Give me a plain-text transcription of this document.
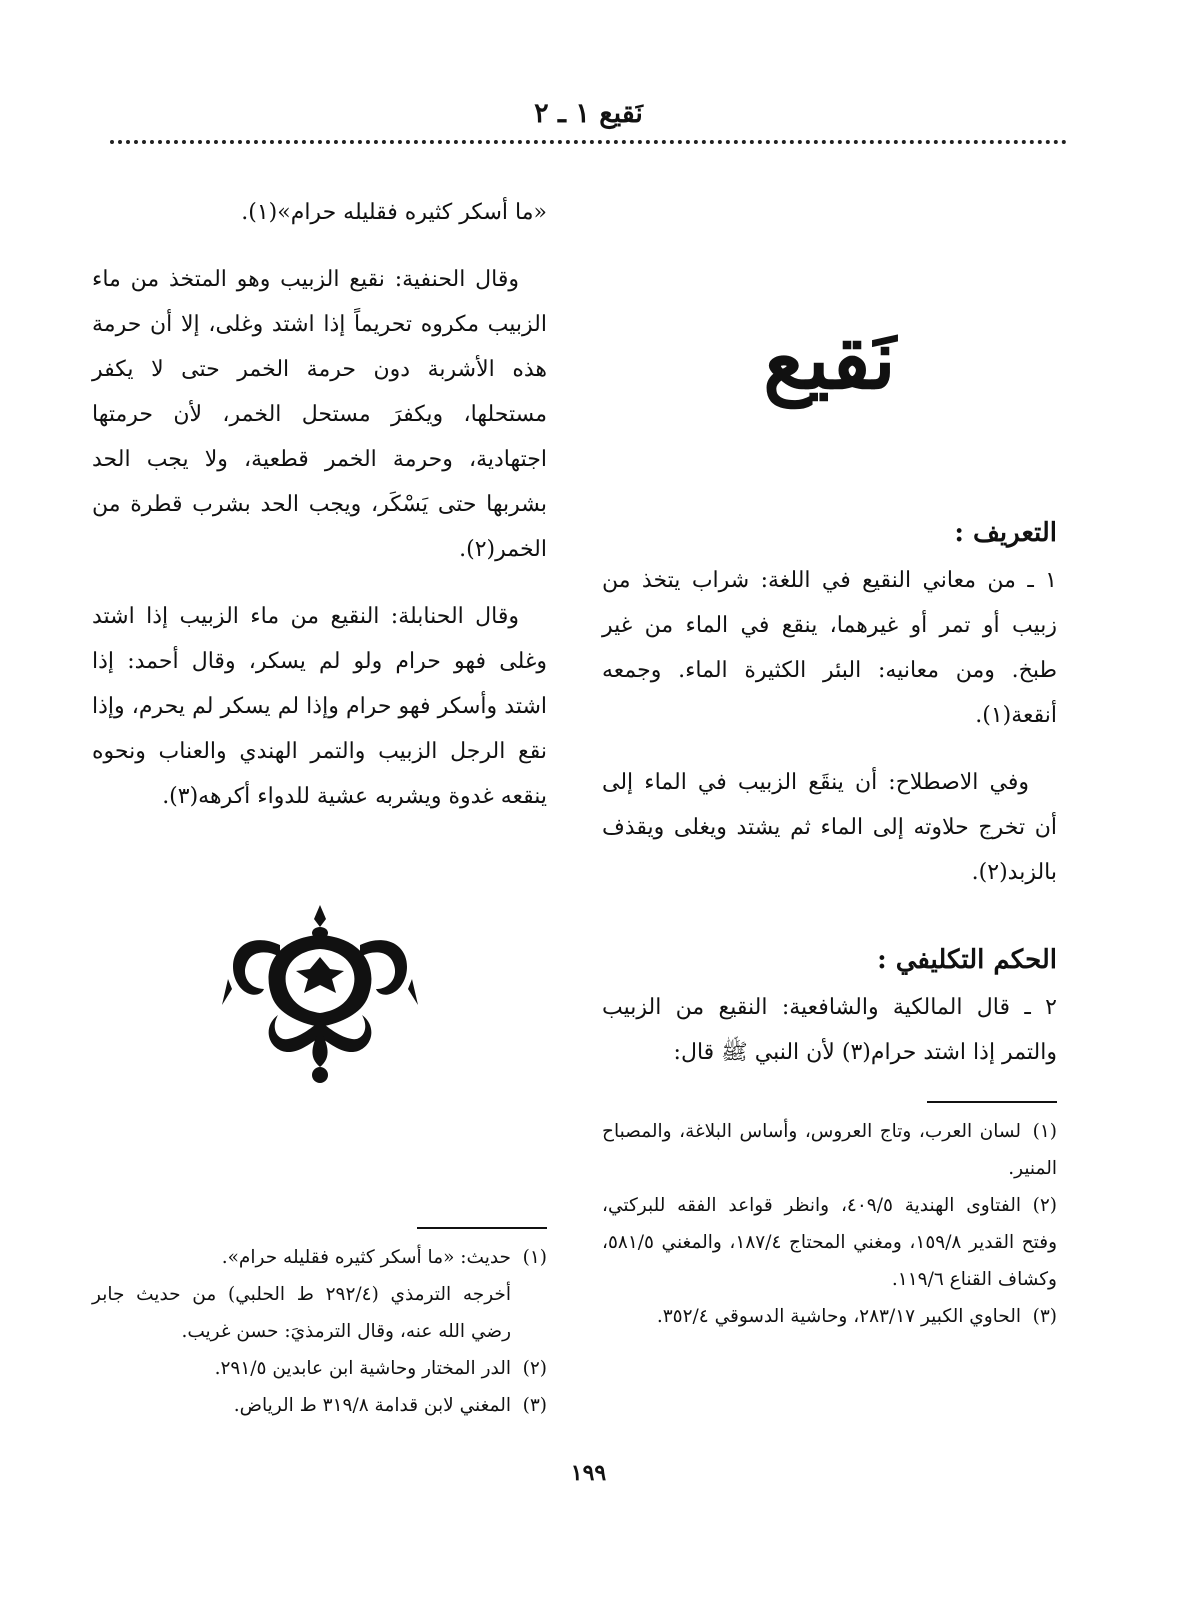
نَقيع ١ ـ ٢
نَقيع
التعريف :

١ ـ من معاني النقيع في اللغة: شراب يتخذ من زبيب أو تمر أو غيرهما، ينقع في الماء من غير طبخ. ومن معانيه: البئر الكثيرة الماء. وجمعه أنقعة(١).

وفي الاصطلاح: أن ينقَع الزبيب في الماء إلى أن تخرج حلاوته إلى الماء ثم يشتد ويغلى ويقذف بالزبد(٢).

الحكم التكليفي :

٢ ـ قال المالكية والشافعية: النقيع من الزبيب والتمر إذا اشتد حرام(٣) لأن النبي ﷺ قال:

(١)لسان العرب، وتاج العروس، وأساس البلاغة، والمصباح المنير.

(٢)الفتاوى الهندية ٤٠٩/٥، وانظر قواعد الفقه للبركتي، وفتح القدير ١٥٩/٨، ومغني المحتاج ١٨٧/٤، والمغني ٥٨١/٥، وكشاف القناع ١١٩/٦.

(٣)الحاوي الكبير ٢٨٣/١٧، وحاشية الدسوقي ٣٥٢/٤.

«ما أسكر كثيره فقليله حرام»(١).

وقال الحنفية: نقيع الزبيب وهو المتخذ من ماء الزبيب مكروه تحريماً إذا اشتد وغلى، إلا أن حرمة هذه الأشربة دون حرمة الخمر حتى لا يكفر مستحلها، ويكفرَ مستحل الخمر، لأن حرمتها اجتهادية، وحرمة الخمر قطعية، ولا يجب الحد بشربها حتى يَسْكَر، ويجب الحد بشرب قطرة من الخمر(٢).

وقال الحنابلة: النقيع من ماء الزبيب إذا اشتد وغلى فهو حرام ولو لم يسكر، وقال أحمد: إذا اشتد وأسكر فهو حرام وإذا لم يسكر لم يحرم، وإذا نقع الرجل الزبيب والتمر الهندي والعناب ونحوه ينقعه غدوة ويشربه عشية للدواء أكرهه(٣).

(١)حديث: «ما أسكر كثيره فقليله حرام».

أخرجه الترمذي (٢٩٢/٤ ط الحلبي) من حديث جابر رضي الله عنه، وقال الترمذيَ: حسن غريب.

(٢)الدر المختار وحاشية ابن عابدين ٢٩١/٥.

(٣)المغني لابن قدامة ٣١٩/٨ ط الرياض.

١٩٩
